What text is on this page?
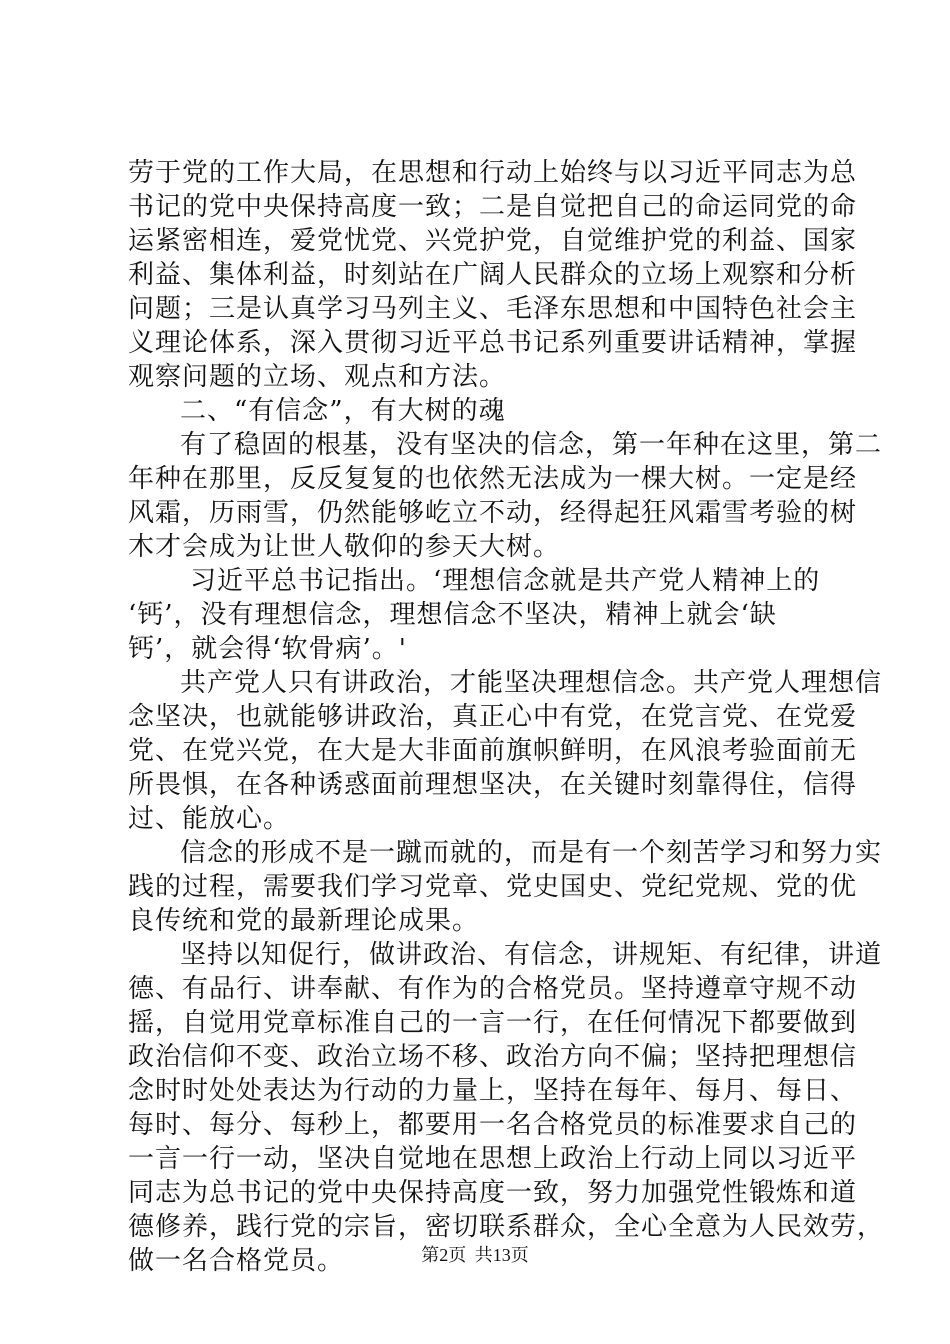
劳于党的工作大局，在思想和行动上始终与以习近平同志为总
书记的党中央保持高度一致；二是自觉把自己的命运同党的命
运紧密相连，爱党忧党、兴党护党，自觉维护党的利益、国家
利益、集体利益，时刻站在广阔人民群众的立场上观察和分析
问题；三是认真学习马列主义、毛泽东思想和中国特色社会主
义理论体系，深入贯彻习近平总书记系列重要讲话精神，掌握
观察问题的立场、观点和方法。
二、“有信念”，有大树的魂
有了稳固的根基，没有坚决的信念，第一年种在这里，第二
年种在那里，反反复复的也依然无法成为一棵大树。一定是经
风霜，历雨雪，仍然能够屹立不动，经得起狂风霜雪考验的树
木才会成为让世人敬仰的参天大树。
习近平总书记指出。‘理想信念就是共产党人精神上的
‘钙’，没有理想信念，理想信念不坚决，精神上就会‘缺
钙’，就会得‘软骨病’。'
共产党人只有讲政治，才能坚决理想信念。共产党人理想信
念坚决，也就能够讲政治，真正心中有党，在党言党、在党爱
党、在党兴党，在大是大非面前旗帜鲜明，在风浪考验面前无
所畏惧，在各种诱惑面前理想坚决，在关键时刻靠得住，信得
过、能放心。
信念的形成不是一蹴而就的，而是有一个刻苦学习和努力实
践的过程，需要我们学习党章、党史国史、党纪党规、党的优
良传统和党的最新理论成果。
坚持以知促行，做讲政治、有信念，讲规矩、有纪律，讲道
德、有品行、讲奉献、有作为的合格党员。坚持遵章守规不动
摇，自觉用党章标准自己的一言一行，在任何情况下都要做到
政治信仰不变、政治立场不移、政治方向不偏；坚持把理想信
念时时处处表达为行动的力量上，坚持在每年、每月、每日、
每时、每分、每秒上，都要用一名合格党员的标准要求自己的
一言一行一动，坚决自觉地在思想上政治上行动上同以习近平
同志为总书记的党中央保持高度一致，努力加强党性锻炼和道
德修养，践行党的宗旨，密切联系群众，全心全意为人民效劳，
做一名合格党员。	第2页 共13页
